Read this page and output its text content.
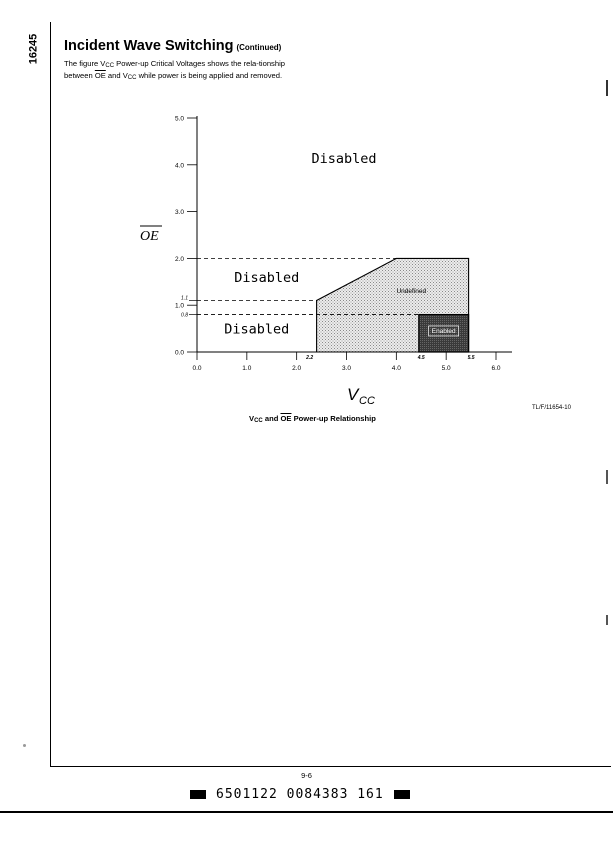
16245 Incident Wave Switching (Continued)
The figure $V_{CC}$ Power-up Critical Voltages shows the rela-tionship between $\overline{OE}$ and $V_{CC}$ while power is being applied and removed.
0.0
1.0
2.0
3.0
4.0
5.0
1.1
0.8
0.0	1.0	2.0	3.0	4.0	5.0	6.0
2.2	4.5	5.5
Disabled
Disabled
Disabled
Undefined
Enabled
OE
V CC
TL/F/11654-10
$V_{CC}$ and $\overline{OE}$ Power-up Relationship
9-6
6501122 0084383 161
